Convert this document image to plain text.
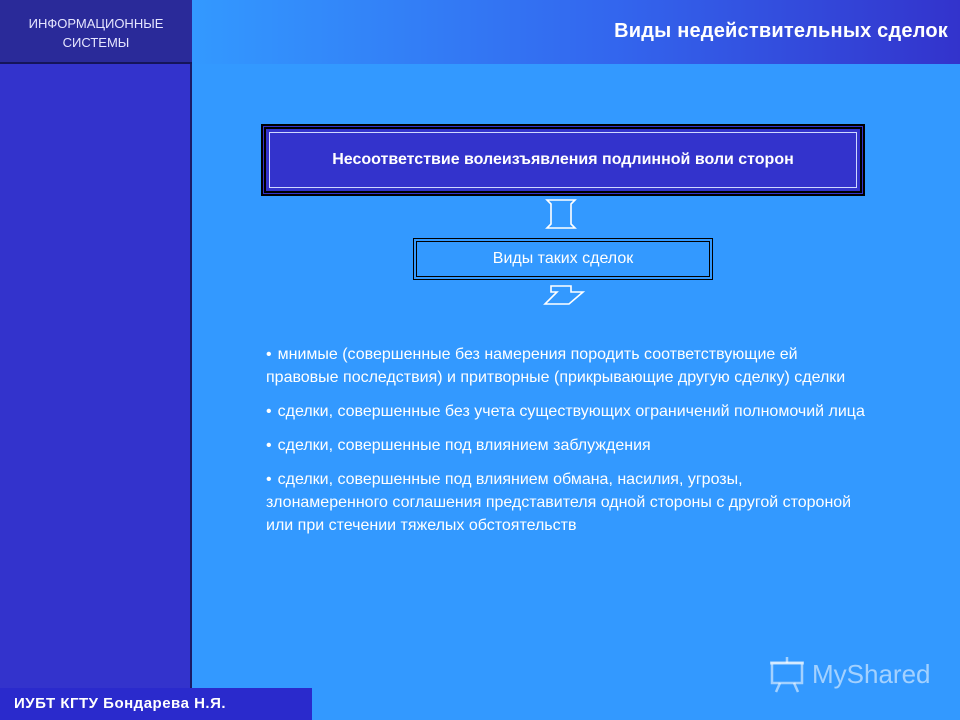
ИНФОРМАЦИОННЫЕ
СИСТЕМЫ
Виды недействительных сделок
Несоответствие волеизъявления подлинной воли сторон
Виды таких сделок
• мнимые (совершенные без намерения породить соответствующие ей правовые последствия) и притворные (прикрывающие другую сделку) сделки
• сделки, совершенные без учета существующих ограничений полномочий лица
• сделки, совершенные под влиянием заблуждения
• сделки, совершенные под влиянием обмана, насилия, угрозы, злонамеренного соглашения представителя одной стороны с другой стороной или при стечении тяжелых обстоятельств
MyShared
ИУБТ КГТУ Бондарева Н.Я.
